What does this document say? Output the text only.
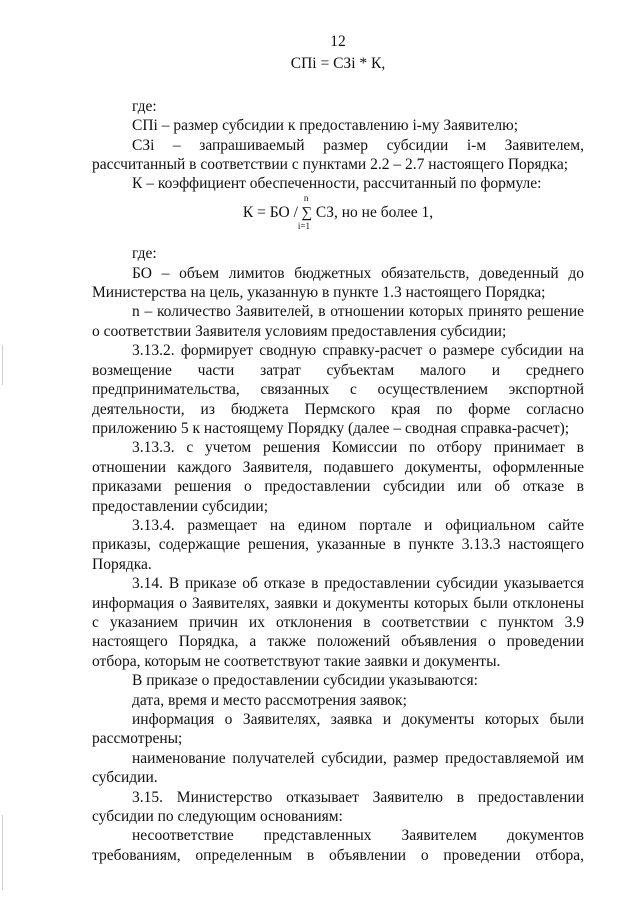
12
СПi = СЗi * К,

где:

СПi – размер субсидии к предоставлению i-му Заявителю;

СЗi – запрашиваемый размер субсидии i-м Заявителем, рассчитанный в соответствии с пунктами 2.2 – 2.7 настоящего Порядка;

К – коэффициент обеспеченности, рассчитанный по формуле:

К = БО /
n
∑
i=1
СЗ, но не более 1,

где:

БО – объем лимитов бюджетных обязательств, доведенный до Министерства на цель, указанную в пункте 1.3 настоящего Порядка;

n – количество Заявителей, в отношении которых принято решение о соответствии Заявителя условиям предоставления субсидии;

3.13.2. формирует сводную справку-расчет о размере субсидии на возмещение части затрат субъектам малого и среднего предпринимательства, связанных с осуществлением экспортной деятельности, из бюджета Пермского края по форме согласно приложению 5 к настоящему Порядку (далее – сводная справка-расчет);

3.13.3. с учетом решения Комиссии по отбору принимает в отношении каждого Заявителя, подавшего документы, оформленные приказами решения о предоставлении субсидии или об отказе в предоставлении субсидии;

3.13.4. размещает на едином портале и официальном сайте приказы, содержащие решения, указанные в пункте 3.13.3 настоящего Порядка.

3.14. В приказе об отказе в предоставлении субсидии указывается информация о Заявителях, заявки и документы которых были отклонены с указанием причин их отклонения в соответствии с пунктом 3.9 настоящего Порядка, а также положений объявления о проведении отбора, которым не соответствуют такие заявки и документы.

В приказе о предоставлении субсидии указываются:

дата, время и место рассмотрения заявок;

информация о Заявителях, заявка и документы которых были рассмотрены;

наименование получателей субсидии, размер предоставляемой им субсидии.

3.15. Министерство отказывает Заявителю в предоставлении субсидии по следующим основаниям:

несоответствие представленных Заявителем документов требованиям, определенным в объявлении о проведении отбора,
